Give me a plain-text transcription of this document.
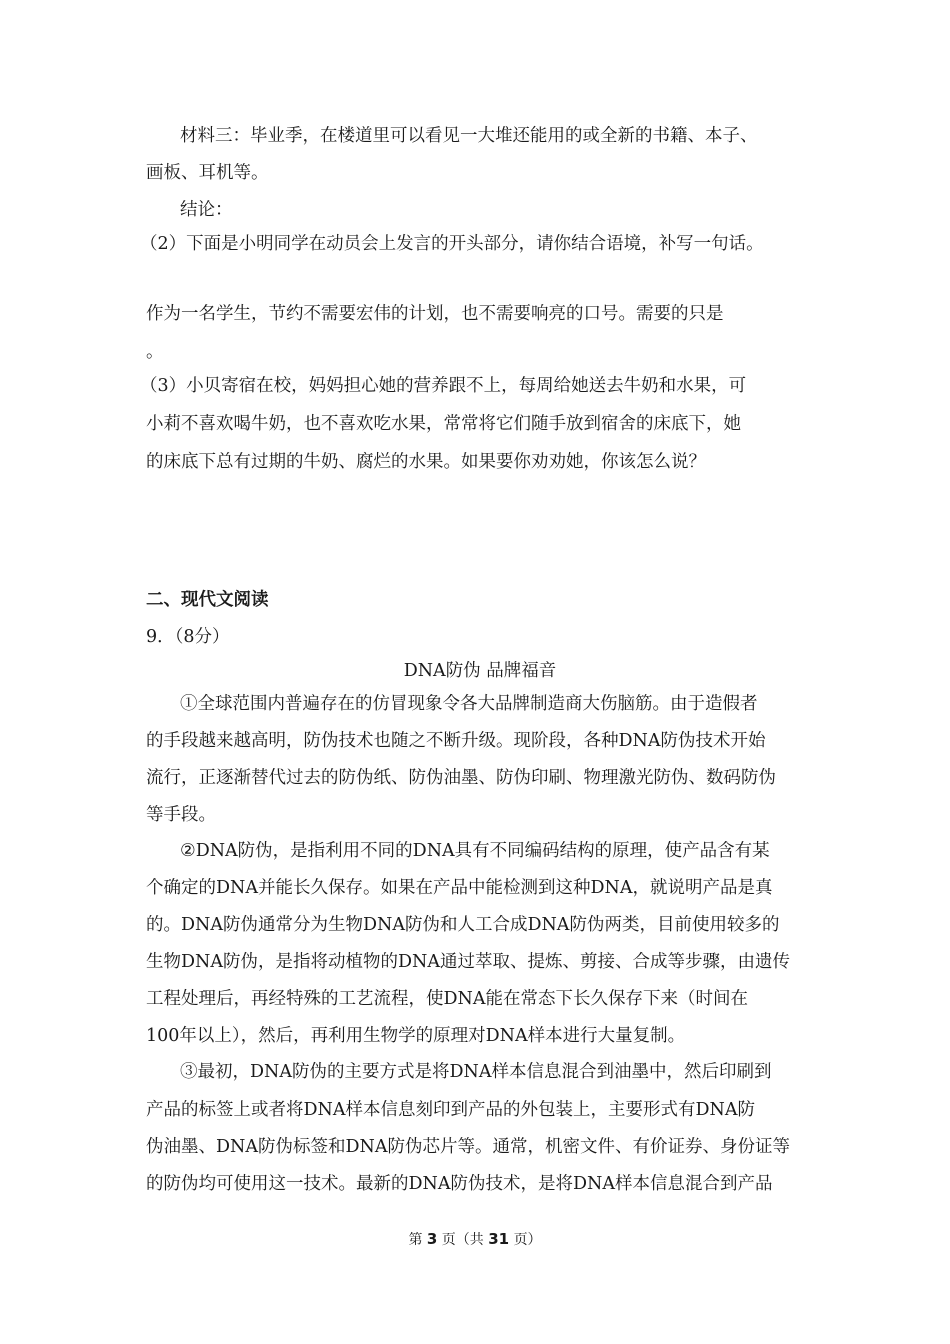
材料三：毕业季，在楼道里可以看见一大堆还能用的或全新的书籍、本子、
画板、耳机等。
结论：
（2）下面是小明同学在动员会上发言的开头部分，请你结合语境，补写一句话。
作为一名学生，节约不需要宏伟的计划，也不需要响亮的口号。需要的只是
。
（3）小贝寄宿在校，妈妈担心她的营养跟不上，每周给她送去牛奶和水果，可
小莉不喜欢喝牛奶，也不喜欢吃水果，常常将它们随手放到宿舍的床底下，她
的床底下总有过期的牛奶、腐烂的水果。如果要你劝劝她，你该怎么说？
二、现代文阅读
9．（8分）
DNA防伪 品牌福音
①全球范围内普遍存在的仿冒现象令各大品牌制造商大伤脑筋。由于造假者
的手段越来越高明，防伪技术也随之不断升级。现阶段，各种DNA防伪技术开始
流行，正逐渐替代过去的防伪纸、防伪油墨、防伪印刷、物理激光防伪、数码防伪
等手段。
②DNA防伪，是指利用不同的DNA具有不同编码结构的原理，使产品含有某
个确定的DNA并能长久保存。如果在产品中能检测到这种DNA，就说明产品是真
的。DNA防伪通常分为生物DNA防伪和人工合成DNA防伪两类，目前使用较多的
生物DNA防伪，是指将动植物的DNA通过萃取、提炼、剪接、合成等步骤，由遗传
工程处理后，再经特殊的工艺流程，使DNA能在常态下长久保存下来（时间在
100年以上），然后，再利用生物学的原理对DNA样本进行大量复制。
③最初，DNA防伪的主要方式是将DNA样本信息混合到油墨中，然后印刷到
产品的标签上或者将DNA样本信息刻印到产品的外包装上，主要形式有DNA防
伪油墨、DNA防伪标签和DNA防伪芯片等。通常，机密文件、有价证券、身份证等
的防伪均可使用这一技术。最新的DNA防伪技术，是将DNA样本信息混合到产品
第 3 页（共 31 页）
